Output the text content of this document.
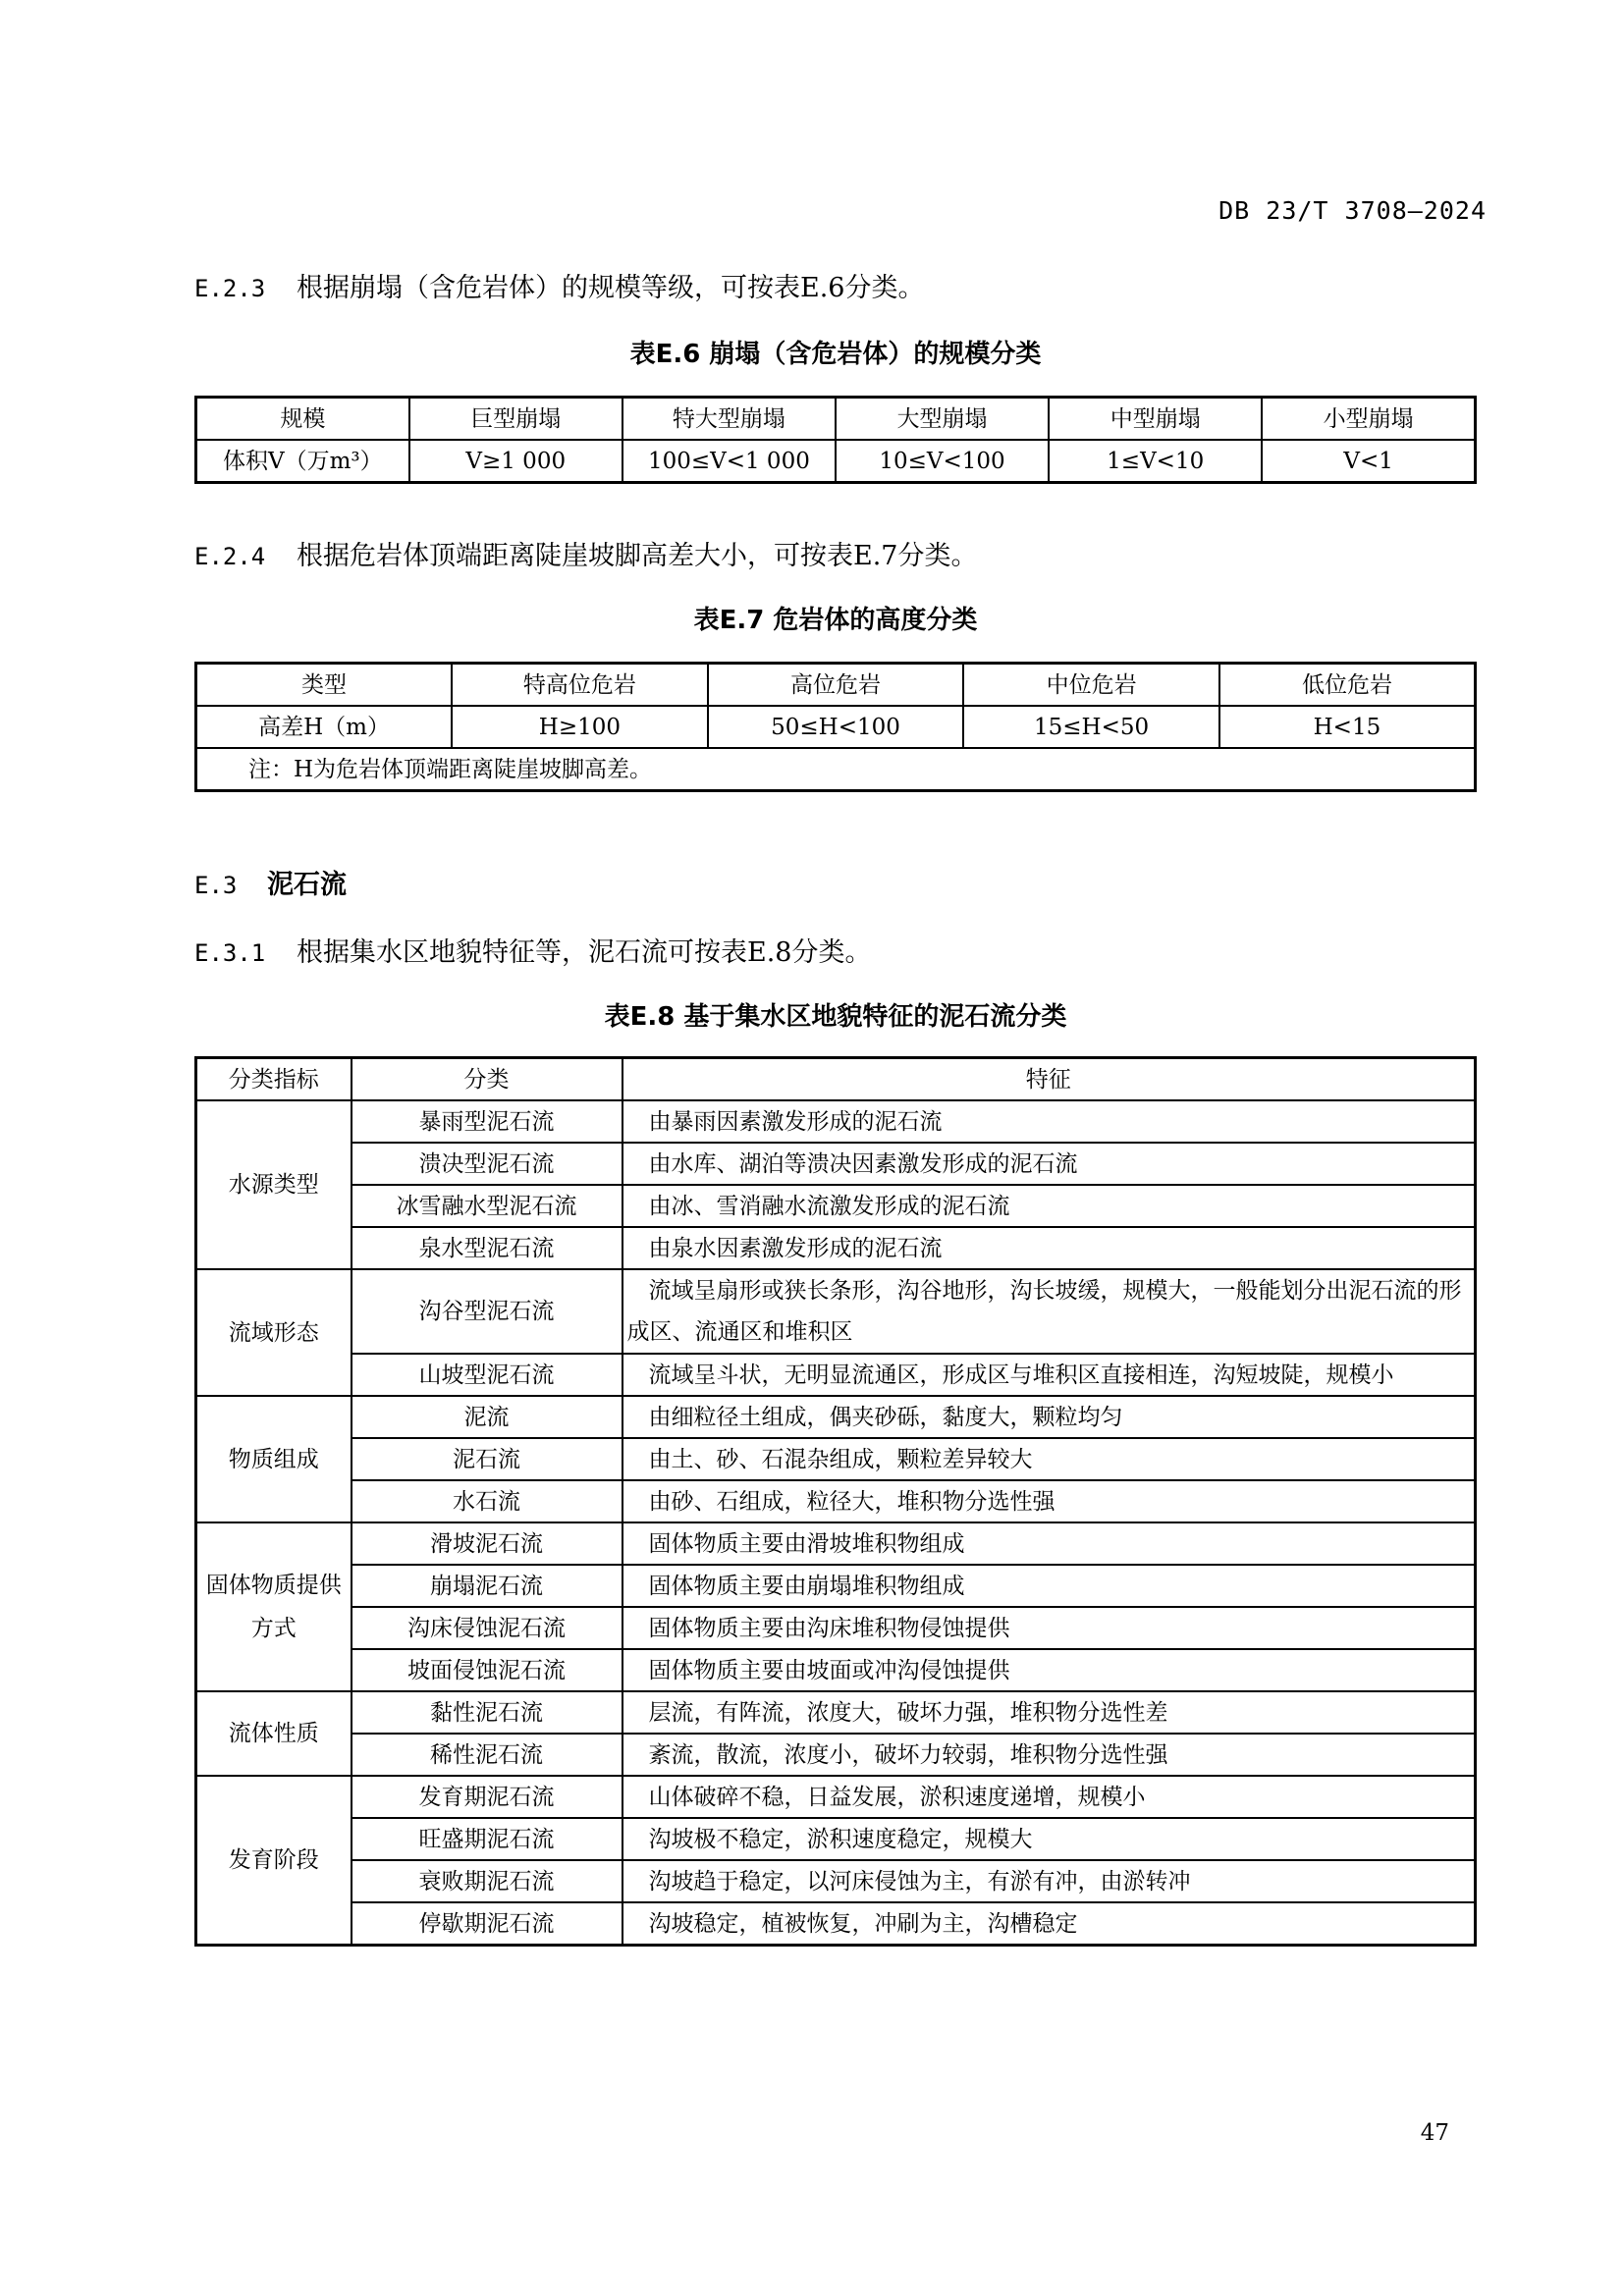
DB 23/T 3708—2024
E.2.3 根据崩塌（含危岩体）的规模等级，可按表E.6分类。
表E.6 崩塌（含危岩体）的规模分类
规模	巨型崩塌	特大型崩塌	大型崩塌	中型崩塌	小型崩塌
体积V（万m³）	V≥1 000	100≤V<1 000	10≤V<100	1≤V<10	V<1
E.2.4 根据危岩体顶端距离陡崖坡脚高差大小，可按表E.7分类。
表E.7 危岩体的高度分类
类型	特高位危岩	高位危岩	中位危岩	低位危岩
高差H（m）	H≥100	50≤H<100	15≤H<50	H<15
注：H为危岩体顶端距离陡崖坡脚高差。				
E.3 泥石流
E.3.1 根据集水区地貌特征等，泥石流可按表E.8分类。
表E.8 基于集水区地貌特征的泥石流分类
分类指标	分类	特征
水源类型	暴雨型泥石流	由暴雨因素激发形成的泥石流
	溃决型泥石流	由水库、湖泊等溃决因素激发形成的泥石流
	冰雪融水型泥石流	由冰、雪消融水流激发形成的泥石流
	泉水型泥石流	由泉水因素激发形成的泥石流
流域形态	沟谷型泥石流	流域呈扇形或狭长条形，沟谷地形，沟长坡缓，规模大，一般能划分出泥石流的形成区、流通区和堆积区
	山坡型泥石流	流域呈斗状，无明显流通区，形成区与堆积区直接相连，沟短坡陡，规模小
物质组成	泥流	由细粒径土组成，偶夹砂砾，黏度大，颗粒均匀
	泥石流	由土、砂、石混杂组成，颗粒差异较大
	水石流	由砂、石组成，粒径大，堆积物分选性强
固体物质提供方式	滑坡泥石流	固体物质主要由滑坡堆积物组成
	崩塌泥石流	固体物质主要由崩塌堆积物组成
	沟床侵蚀泥石流	固体物质主要由沟床堆积物侵蚀提供
	坡面侵蚀泥石流	固体物质主要由坡面或冲沟侵蚀提供
流体性质	黏性泥石流	层流，有阵流，浓度大，破坏力强，堆积物分选性差
	稀性泥石流	紊流，散流，浓度小，破坏力较弱，堆积物分选性强
发育阶段	发育期泥石流	山体破碎不稳，日益发展，淤积速度递增，规模小
	旺盛期泥石流	沟坡极不稳定，淤积速度稳定，规模大
	衰败期泥石流	沟坡趋于稳定，以河床侵蚀为主，有淤有冲，由淤转冲
	停歇期泥石流	沟坡稳定，植被恢复，冲刷为主，沟槽稳定
47
